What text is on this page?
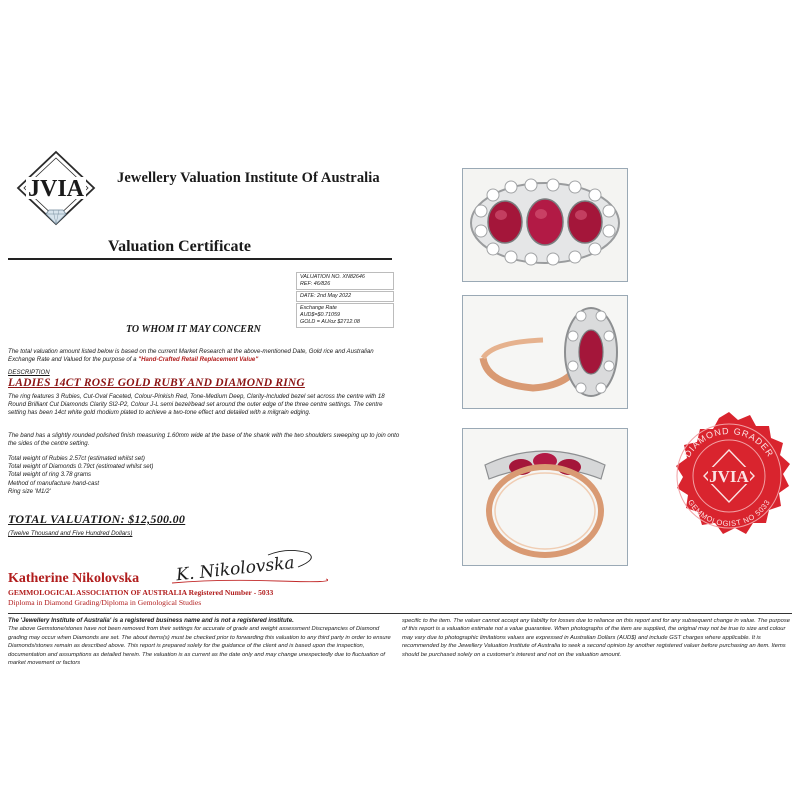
JVIA Jewellery Valuation Institute Of Australia
Valuation Certificate
VALUATION NO. XN82646
REF: 46/826
DATE: 2nd May 2022
Exchange Rate
AUD$=$0.71059
GOLD = AU/oz $2712.08
TO WHOM IT MAY CONCERN
The total valuation amount listed below is based on the current Market Research at the above-mentioned Date, Gold rice and Australian Exchange Rate and Valued for the purpose of a "Hand-Crafted Retail Replacement Value"
DESCRIPTION
LADIES 14CT ROSE GOLD RUBY AND DIAMOND RING
The ring features 3 Rubies, Cut-Oval Faceted, Colour-Pinkish Red, Tone-Medium Deep, Clarity-Included bezel set across the centre with 18 Round Brilliant Cut Diamonds Clarity SI2-P2, Colour J-L semi bezel/bead set around the outer edge of the three centre settings. The centre setting has been 14ct white gold rhodium plated to achieve a two-tone effect and detailed with a milgrain edging.
The band has a slightly rounded polished finish measuring 1.60mm wide at the base of the shank with the two shoulders sweeping up to join onto the sides of the centre setting.
Total weight of Rubies 2.57ct (estimated whilst set)
Total weight of Diamonds 0.79ct (estimated whilst set)
Total weight of ring 3.78 grams
Method of manufacture hand-cast
Ring size 'M1/2'
TOTAL VALUATION: $12,500.00
(Twelve Thousand and Five Hundred Dollars)
K. Nikolovska
Katherine Nikolovska
GEMMOLOGICAL ASSOCIATION OF AUSTRALIA Registered Number - 5033
Diploma in Diamond Grading/Diploma in Gemological Studies
The 'Jewellery Institute of Australia' is a registered business name and is not a registered institute.
The above Gemstone/stones have not been removed from their settings for accurate of grade and weight assessment Discrepancies of Diamond grading may occur when Diamonds are set. The about items(s) must be checked prior to forwarding this valuation to any third party in order to ensure Diamonds/stones remain as described above. This report is prepared solely for the guidance of the client and is based upon the inspection, documentation and assumptions as detailed herein. The valuation is as current as the date only and may change unexpectedly due to fluctuation of market movement or factors
specific to the item. The valuer cannot accept any liability for losses due to reliance on this report and for any subsequent change in value. The purpose of this report is a valuation estimate not a value guarantee. When photographs of the item are supplied, the original may not be true to size and colour may vary due to photographic limitations values are expressed in Australian Dollars (AUD$) and include GST charges where applicable. It is recommended by the Jewellery Valuation Institute of Australia to seek a second opinion by another registered valuer before purchasing an item. Items should be purchased solely on a customer's interest and not on the valuation amount.
DIAMOND GRADER
GEMMOLOGIST NO 5033
JVIA
